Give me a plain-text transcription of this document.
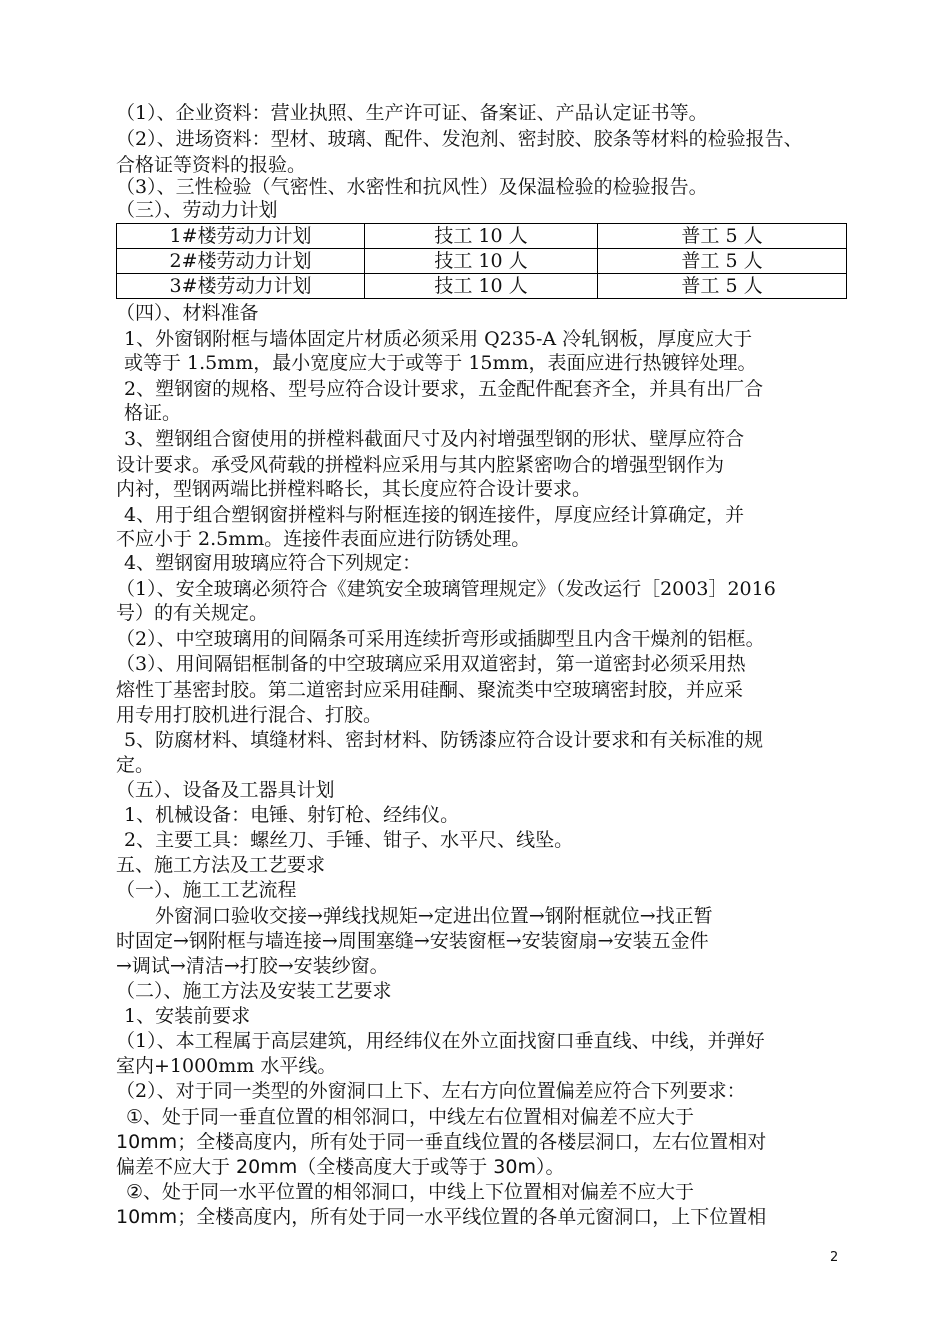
（1）、企业资料：营业执照、生产许可证、备案证、产品认定证书等。
（2）、进场资料：型材、玻璃、配件、发泡剂、密封胶、胶条等材料的检验报告、
合格证等资料的报验。
（3）、三性检验（气密性、水密性和抗风性）及保温检验的检验报告。
（三）、劳动力计划
1#楼劳动力计划	技工 10 人	普工 5 人
2#楼劳动力计划	技工 10 人	普工 5 人
3#楼劳动力计划	技工 10 人	普工 5 人
（四）、材料准备
1、外窗钢附框与墙体固定片材质必须采用 Q235-A 冷轧钢板，厚度应大于
或等于 1.5mm，最小宽度应大于或等于 15mm，表面应进行热镀锌处理。
2、塑钢窗的规格、型号应符合设计要求，五金配件配套齐全，并具有出厂合
格证。
3、塑钢组合窗使用的拼樘料截面尺寸及内衬增强型钢的形状、壁厚应符合
设计要求。承受风荷载的拼樘料应采用与其内腔紧密吻合的增强型钢作为
内衬，型钢两端比拼樘料略长，其长度应符合设计要求。
4、用于组合塑钢窗拼樘料与附框连接的钢连接件，厚度应经计算确定，并
不应小于 2.5mm。连接件表面应进行防锈处理。
4、塑钢窗用玻璃应符合下列规定：
（1）、安全玻璃必须符合《建筑安全玻璃管理规定》（发改运行［2003］2016
号）的有关规定。
（2）、中空玻璃用的间隔条可采用连续折弯形或插脚型且内含干燥剂的铝框。
（3）、用间隔铝框制备的中空玻璃应采用双道密封，第一道密封必须采用热
熔性丁基密封胶。第二道密封应采用硅酮、聚流类中空玻璃密封胶，并应采
用专用打胶机进行混合、打胶。
5、防腐材料、填缝材料、密封材料、防锈漆应符合设计要求和有关标准的规
定。
（五）、设备及工器具计划
1、机械设备：电锤、射钉枪、经纬仪。
2、主要工具：螺丝刀、手锤、钳子、水平尺、线坠。
五、施工方法及工艺要求
（一）、施工工艺流程
外窗洞口验收交接→弹线找规矩→定进出位置→钢附框就位→找正暂
时固定→钢附框与墙连接→周围塞缝→安装窗框→安装窗扇→安装五金件
→调试→清洁→打胶→安装纱窗。
（二）、施工方法及安装工艺要求
1、安装前要求
（1）、本工程属于高层建筑，用经纬仪在外立面找窗口垂直线、中线，并弹好
室内+1000mm 水平线。
（2）、对于同一类型的外窗洞口上下、左右方向位置偏差应符合下列要求：
①、处于同一垂直位置的相邻洞口，中线左右位置相对偏差不应大于
10mm；全楼高度内，所有处于同一垂直线位置的各楼层洞口，左右位置相对
偏差不应大于 20mm（全楼高度大于或等于 30m）。
②、处于同一水平位置的相邻洞口，中线上下位置相对偏差不应大于
10mm；全楼高度内，所有处于同一水平线位置的各单元窗洞口，上下位置相
2
